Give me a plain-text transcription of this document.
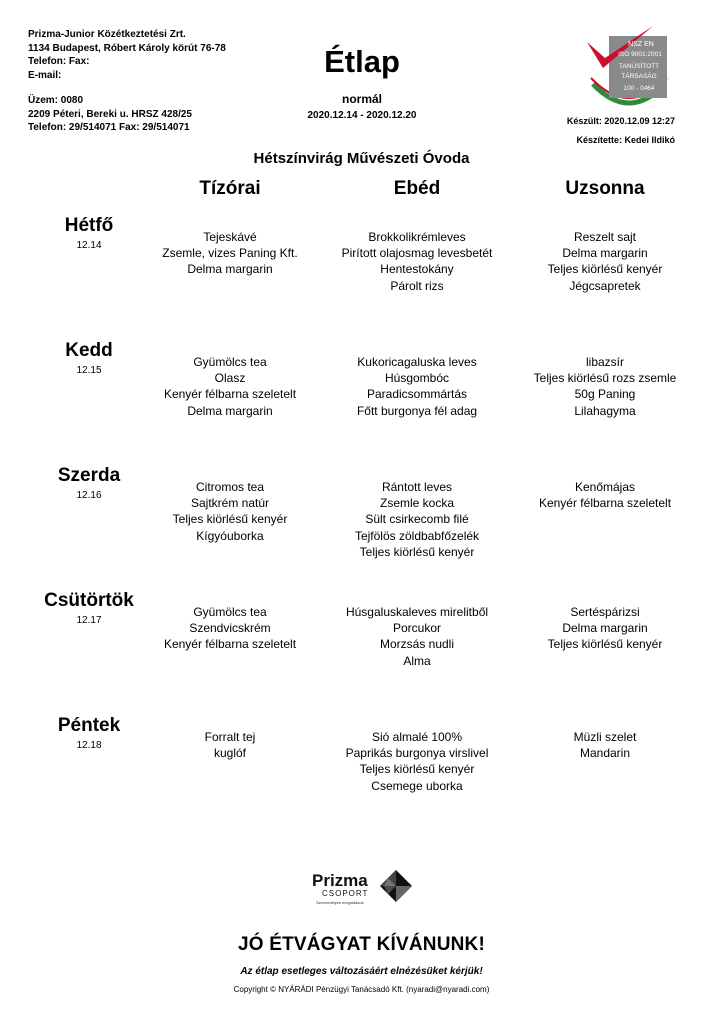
Prizma-Junior Közétkeztetési Zrt.
1134 Budapest, Róbert Károly körút 76-78
Telefon: Fax:
E-mail:
Üzem: 0080
2209 Péteri, Bereki u. HRSZ 428/25
Telefon: 29/514071 Fax: 29/514071
Étlap
normál
2020.12.14 - 2020.12.20
NSZ EN
ISO 9001:2001
TANÚSÍTOTT
TÁRSASÁG
100 - 0464
Készült: 2020.12.09 12:27
Készítette: Kedei Ildikó
Hétszínvirág Művészeti Óvoda
Tízórai	Ebéd	Uzsonna
Hétfő
12.14
Tejeskávé
Zsemle, vizes Paning Kft.
Delma margarin
Brokkolikrémleves
Pirított olajosmag levesbetét
Hentestokány
Párolt rizs
Reszelt sajt
Delma margarin
Teljes kiörlésű kenyér
Jégcsapretek
Kedd
12.15
Gyümölcs tea
Olasz
Kenyér félbarna szeletelt
Delma margarin
Kukoricagaluska leves
Húsgombóc
Paradicsommártás
Főtt burgonya fél adag
libazsír
Teljes kiörlésű rozs zsemle
50g Paning
Lilahagyma
Szerda
12.16
Citromos tea
Sajtkrém natúr
Teljes kiörlésű kenyér
Kígyóuborka
Rántott leves
Zsemle kocka
Sült csirkecomb filé
Tejfölös zöldbabfőzelék
Teljes kiörlésű kenyér
Kenőmájas
Kenyér félbarna szeletelt
Csütörtök
12.17
Gyümölcs tea
Szendvicskrém
Kenyér félbarna szeletelt
Húsgaluskaleves mirelitből
Porcukor
Morzsás nudli
Alma
Sertéspárizsi
Delma margarin
Teljes kiörlésű kenyér
Péntek
12.18
Forralt tej
kuglóf
Sió almalé 100%
Paprikás burgonya virslivel
Teljes kiörlésű kenyér
Csemege uborka
Müzli szelet
Mandarin
Prizma
CSOPORT
Szenvedélyes megoldások
JÓ ÉTVÁGYAT KÍVÁNUNK!
Az étlap esetleges változásáért elnézésüket kérjük!
Copyright © NYÁRÁDI Pénzügyi Tanácsadó Kft. (nyaradi@nyaradi.com)
